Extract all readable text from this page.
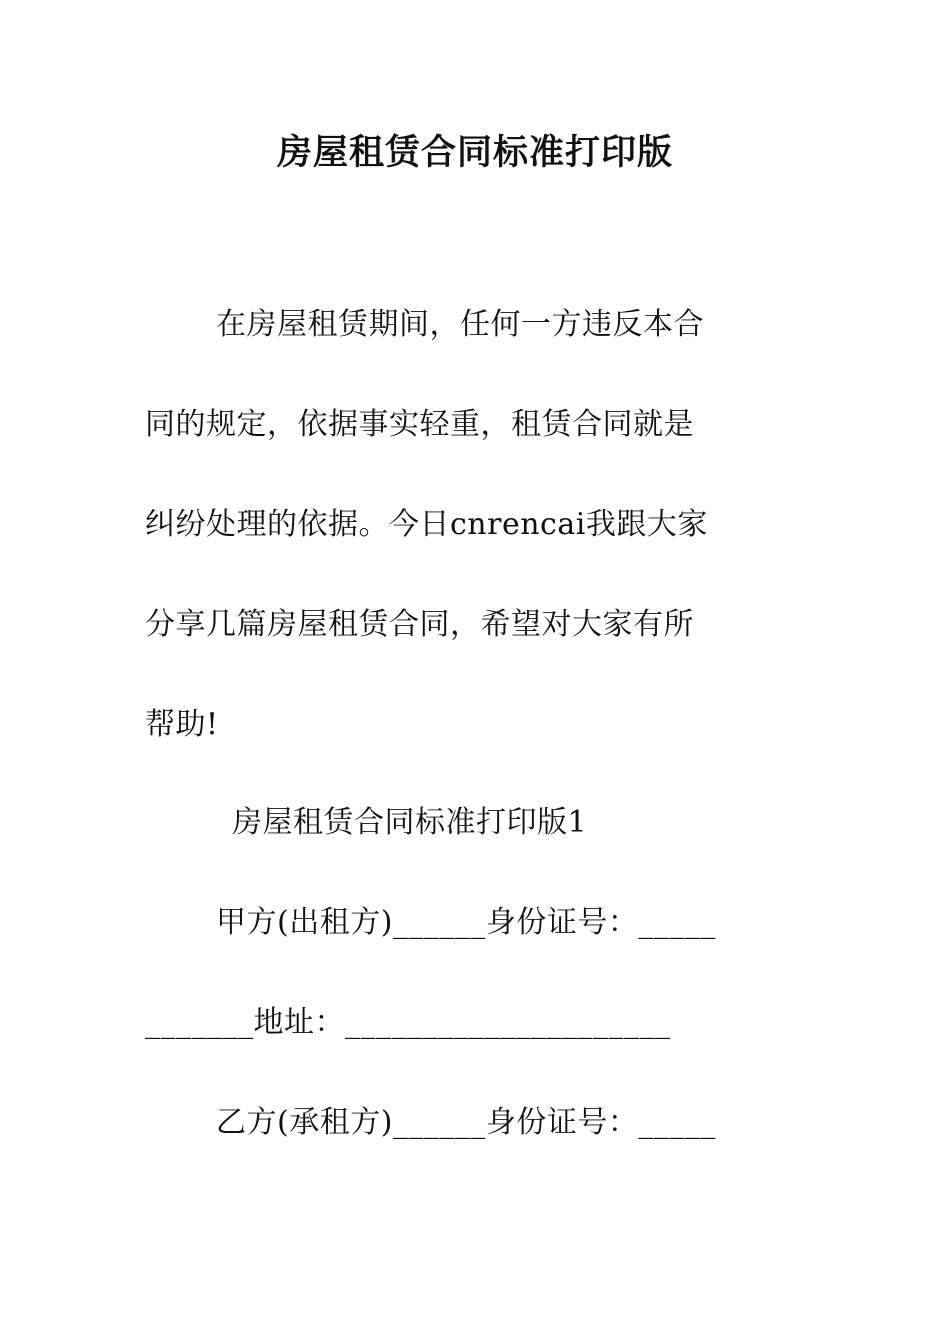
房屋租赁合同标准打印版
在房屋租赁期间，任何一方违反本合
同的规定，依据事实轻重，租赁合同就是
纠纷处理的依据。今日cnrencai我跟大家
分享几篇房屋租赁合同，希望对大家有所
帮助!
房屋租赁合同标准打印版1
甲方(出租方)______身份证号：_____
_______地址：_____________________
乙方(承租方)______身份证号：_____
